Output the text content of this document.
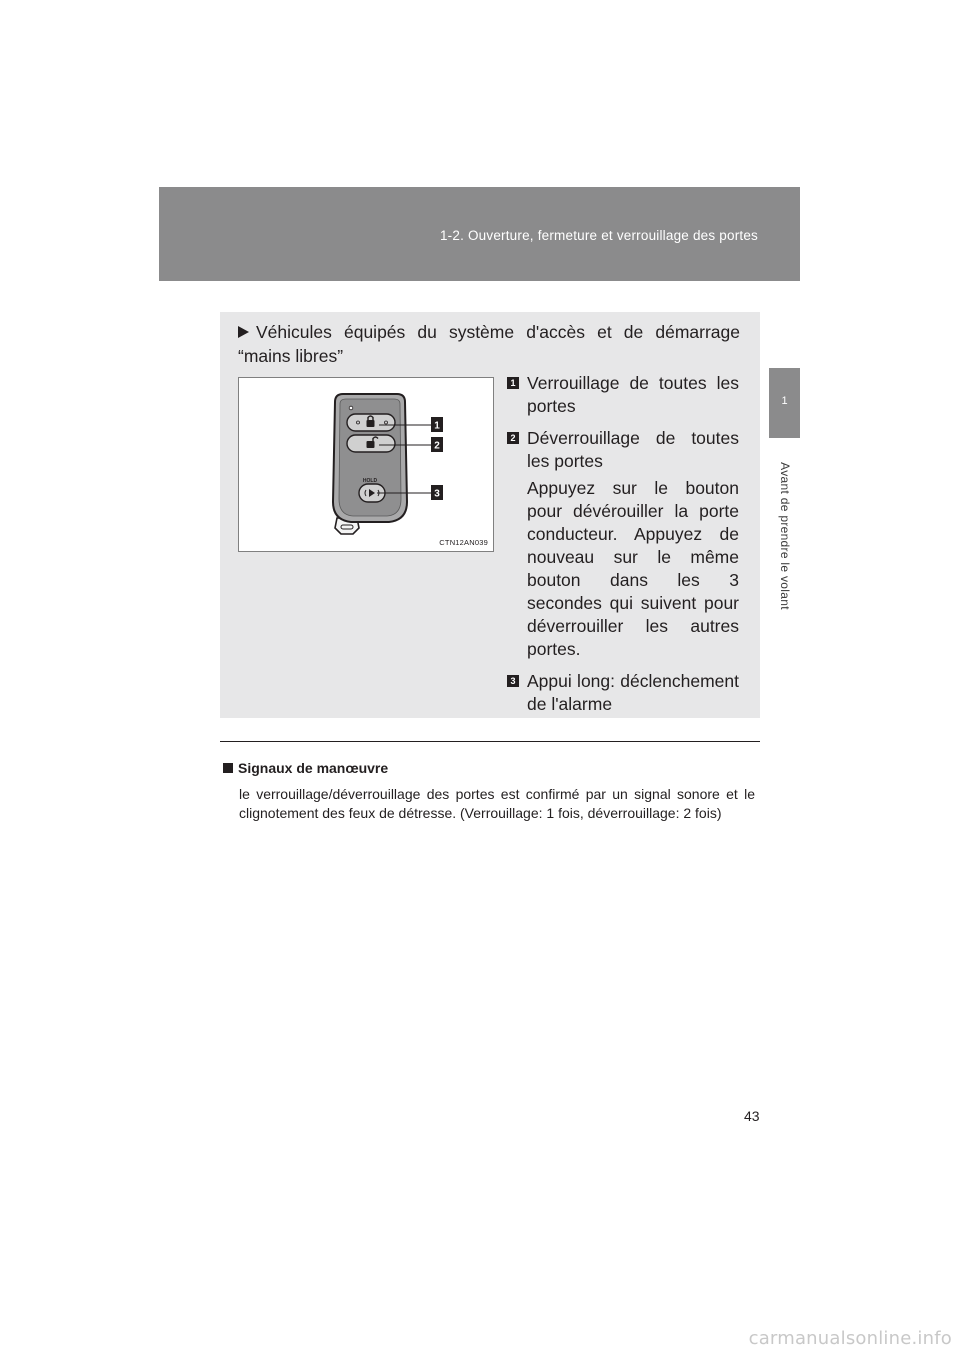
1-2. Ouverture, fermeture et verrouillage des portes
1
Avant de prendre le volant
Véhicules équipés du système d'accès et de démarrage “mains libres”
HOLD
1
2
3
CTN12AN039
1 Verrouillage de toutes les portes

2 Déverrouillage de toutes les portes

Appuyez sur le bouton pour dévérouiller la porte conducteur. Appuyez de nouveau sur le même bouton dans les 3 secondes qui suivent pour déverrouiller les autres portes.

3 Appui long: déclenchement de l'alarme

Signaux de manœuvre

le verrouillage/déverrouillage des portes est confirmé par un signal sonore et le clignotement des feux de détresse. (Verrouillage: 1 fois, déverrouillage: 2 fois)

43
carmanualsonline.info
